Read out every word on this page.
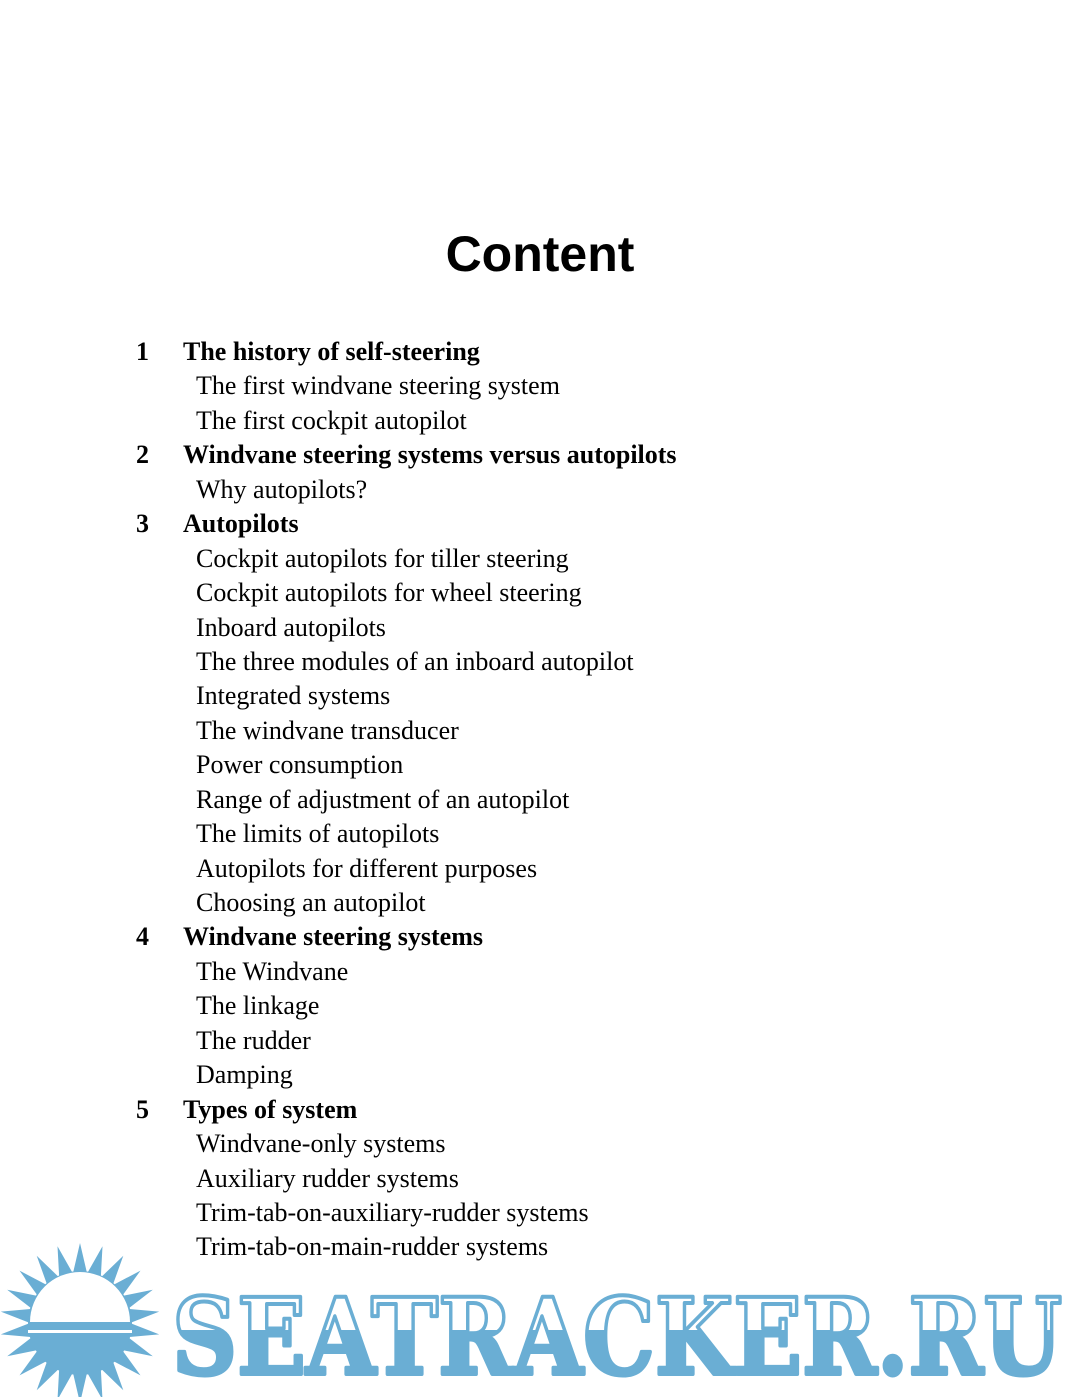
Content
1 The history of self-steering
The first windvane steering system
The first cockpit autopilot
2 Windvane steering systems versus autopilots
Why autopilots?
3 Autopilots
Cockpit autopilots for tiller steering
Cockpit autopilots for wheel steering
Inboard autopilots
The three modules of an inboard autopilot
Integrated systems
The windvane transducer
Power consumption
Range of adjustment of an autopilot
The limits of autopilots
Autopilots for different purposes
Choosing an autopilot
4 Windvane steering systems
The Windvane
The linkage
The rudder
Damping
5 Types of system
Windvane-only systems
Auxiliary rudder systems
Trim-tab-on-auxiliary-rudder systems
Trim-tab-on-main-rudder systems
SEATRACKER.RU
